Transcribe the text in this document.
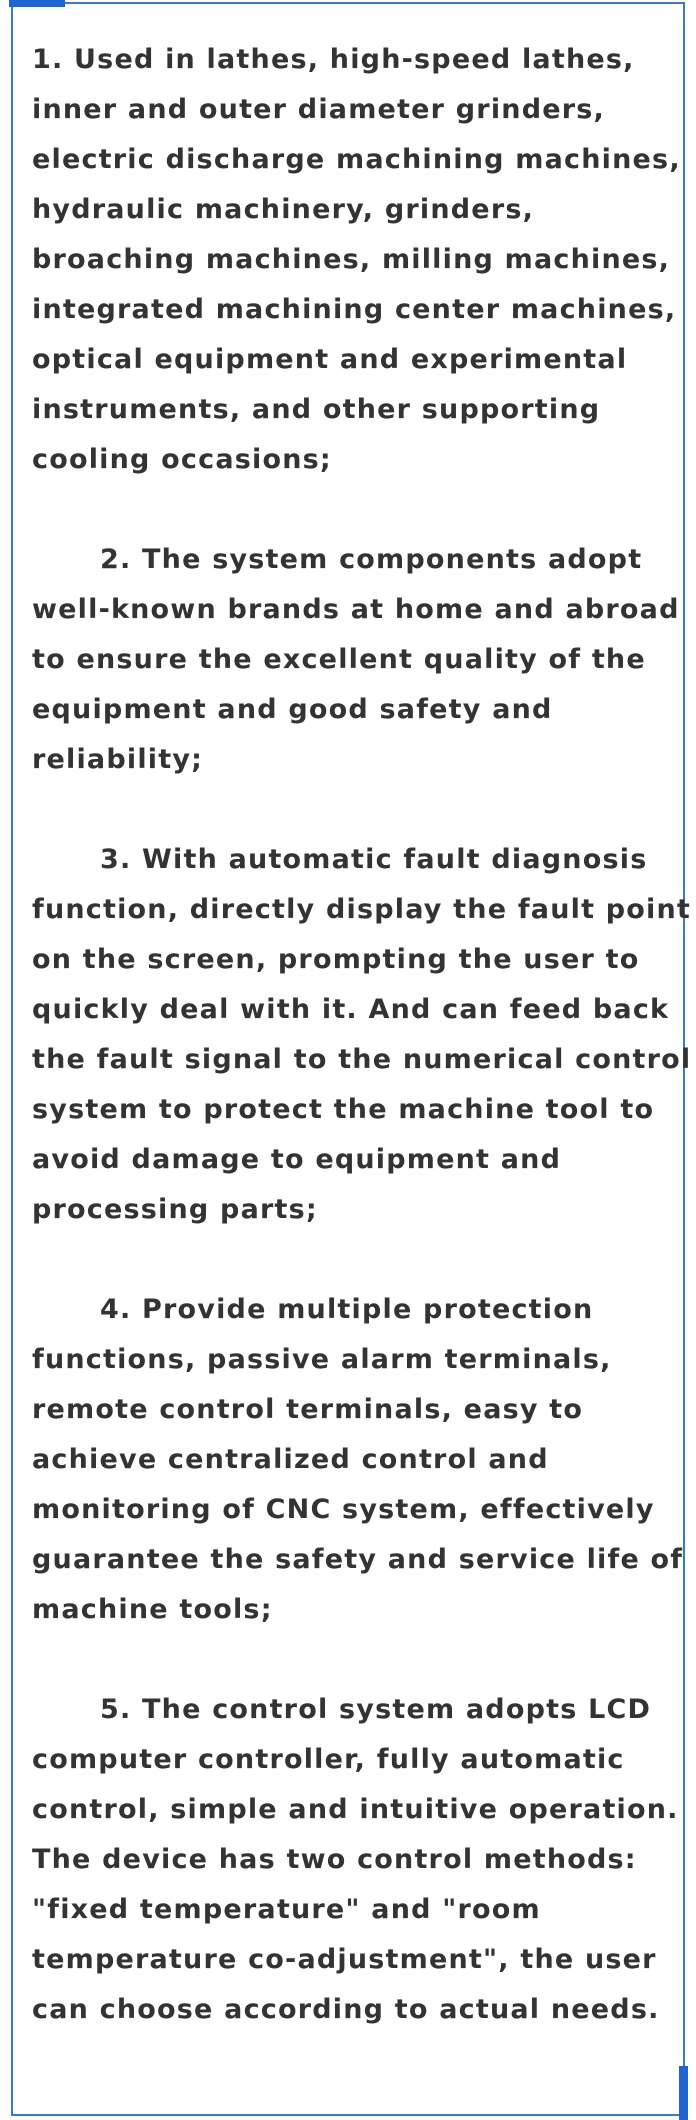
1. Used in lathes, high-speed lathes,
inner and outer diameter grinders,
electric discharge machining machines,
hydraulic machinery, grinders,
broaching machines, milling machines,
integrated machining center machines,
optical equipment and experimental
instruments, and other supporting
cooling occasions;
2. The system components adopt
well-known brands at home and abroad
to ensure the excellent quality of the
equipment and good safety and
reliability;
3. With automatic fault diagnosis
function, directly display the fault point
on the screen, prompting the user to
quickly deal with it. And can feed back
the fault signal to the numerical control
system to protect the machine tool to
avoid damage to equipment and
processing parts;
4. Provide multiple protection
functions, passive alarm terminals,
remote control terminals, easy to
achieve centralized control and
monitoring of CNC system, effectively
guarantee the safety and service life of
machine tools;
5. The control system adopts LCD
computer controller, fully automatic
control, simple and intuitive operation.
The device has two control methods:
"fixed temperature" and "room
temperature co-adjustment", the user
can choose according to actual needs.
